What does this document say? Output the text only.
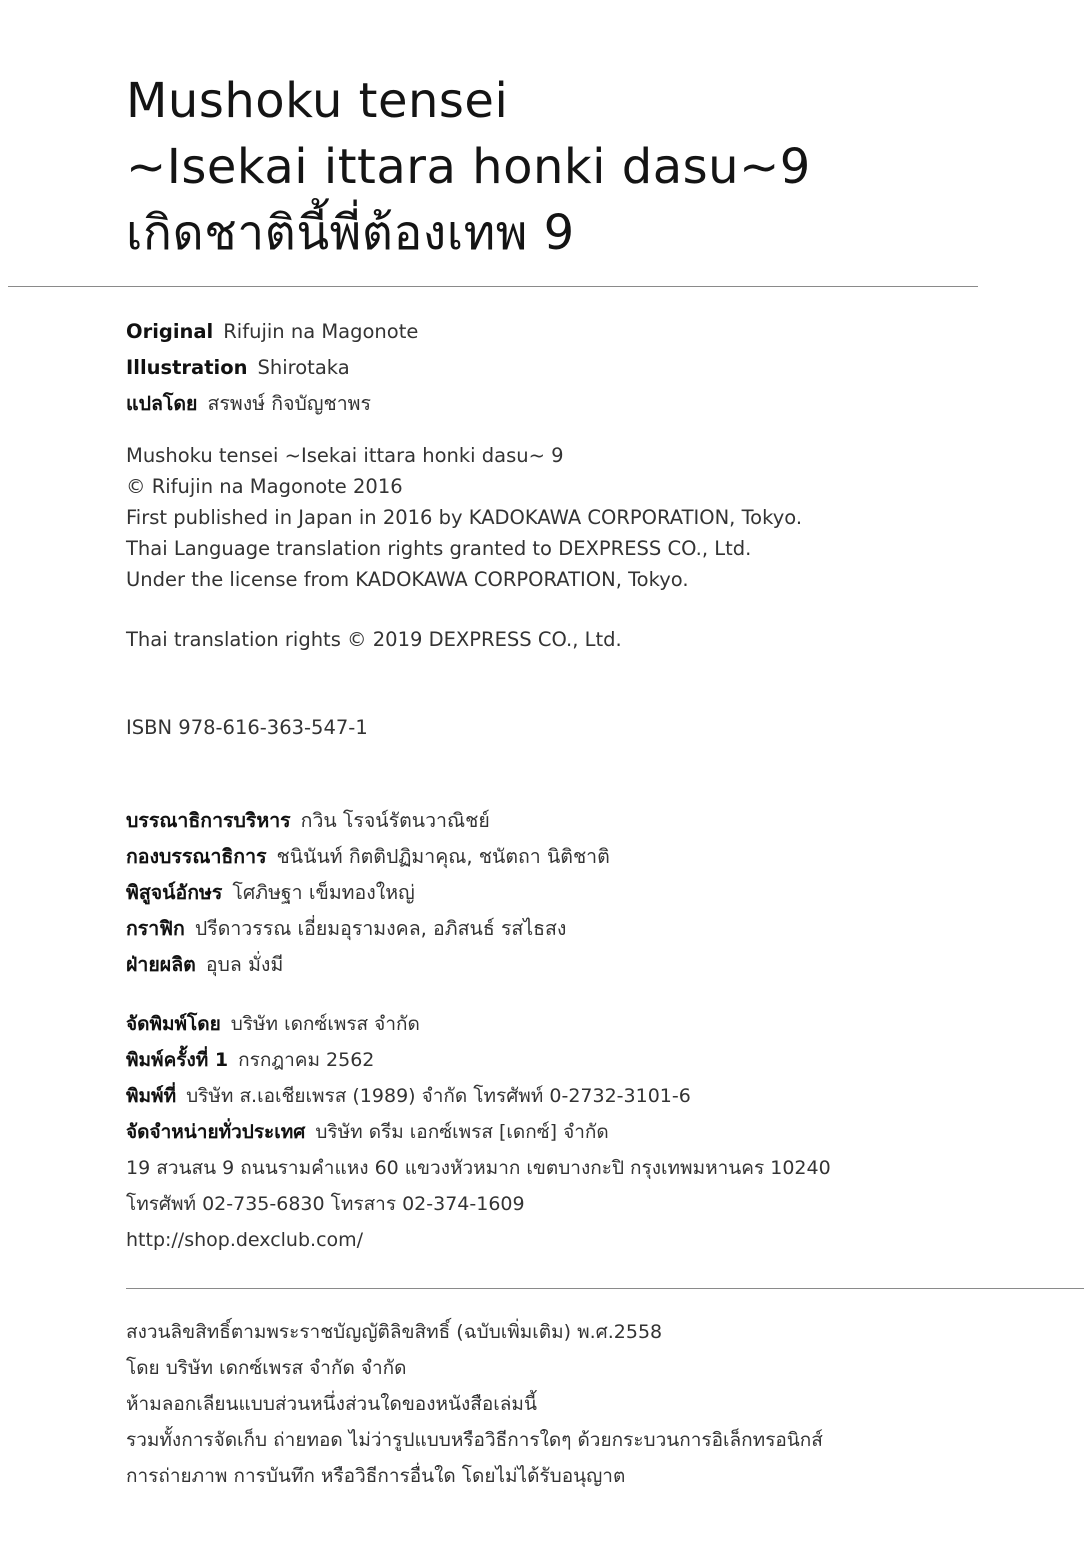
Mushoku tensei
~Isekai ittara honki dasu~9
เกิดชาตินี้พี่ต้องเทพ 9
Original Rifujin na Magonote
Illustration Shirotaka
แปลโดย สรพงษ์ กิจบัญชาพร
Mushoku tensei ~Isekai ittara honki dasu~ 9
© Rifujin na Magonote 2016
First published in Japan in 2016 by KADOKAWA CORPORATION, Tokyo.
Thai Language translation rights granted to DEXPRESS CO., Ltd.
Under the license from KADOKAWA CORPORATION, Tokyo.
Thai translation rights © 2019 DEXPRESS CO., Ltd.
ISBN 978-616-363-547-1
บรรณาธิการบริหาร กวิน โรจน์รัตนวาณิชย์
กองบรรณาธิการ ชนินันท์ กิตติปฏิมาคุณ, ชนัตถา นิติชาติ
พิสูจน์อักษร โศภิษฐา เข็มทองใหญ่
กราฟิก ปรีดาวรรณ เอี่ยมอุรามงคล, อภิสนธ์ รสไธสง
ฝ่ายผลิต อุบล มั่งมี
จัดพิมพ์โดย บริษัท เดกซ์เพรส จำกัด
พิมพ์ครั้งที่ 1 กรกฎาคม 2562
พิมพ์ที่ บริษัท ส.เอเชียเพรส (1989) จำกัด โทรศัพท์ 0-2732-3101-6
จัดจำหน่ายทั่วประเทศ บริษัท ดรีม เอกซ์เพรส [เดกซ์] จำกัด
19 สวนสน 9 ถนนรามคำแหง 60 แขวงหัวหมาก เขตบางกะปิ กรุงเทพมหานคร 10240
โทรศัพท์ 02-735-6830 โทรสาร 02-374-1609
http://shop.dexclub.com/
สงวนลิขสิทธิ์ตามพระราชบัญญัติลิขสิทธิ์ (ฉบับเพิ่มเติม) พ.ศ.2558
โดย บริษัท เดกซ์เพรส จำกัด จำกัด
ห้ามลอกเลียนแบบส่วนหนึ่งส่วนใดของหนังสือเล่มนี้
รวมทั้งการจัดเก็บ ถ่ายทอด ไม่ว่ารูปแบบหรือวิธีการใดๆ ด้วยกระบวนการอิเล็กทรอนิกส์
การถ่ายภาพ การบันทึก หรือวิธีการอื่นใด โดยไม่ได้รับอนุญาต
